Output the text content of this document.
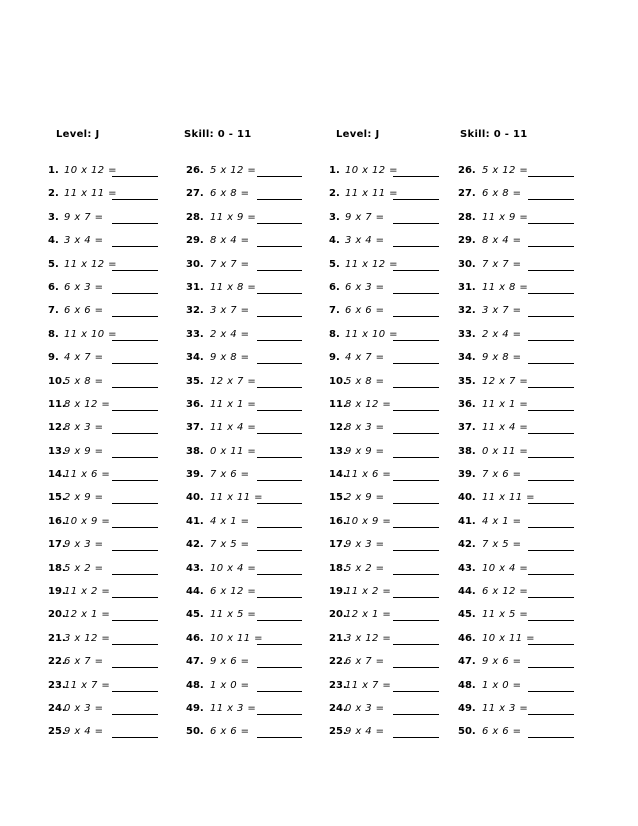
Level: J	Skill: 0 - 11	Level: J	Skill: 0 - 11
1. 10 x 12 =
2. 11 x 11 =
3. 9 x 7 =
4. 3 x 4 =
5. 11 x 12 =
6. 6 x 3 =
7. 6 x 6 =
8. 11 x 10 =
9. 4 x 7 =
10.
5 x 8 =
11.
8 x 12 =
12.
8 x 3 =
13.
9 x 9 =
14.
11 x 6 =
15.
2 x 9 =
16.
10 x 9 =
17.
9 x 3 =
18.
5 x 2 =
19.
11 x 2 =
20.
12 x 1 =
21.
3 x 12 =
22.
6 x 7 =
23.
11 x 7 =
24.
0 x 3 =
25.
9 x 4 =
26. 5 x 12 =
27. 6 x 8 =
28. 11 x 9 =
29. 8 x 4 =
30. 7 x 7 =
31. 11 x 8 =
32. 3 x 7 =
33. 2 x 4 =
34. 9 x 8 =
35. 12 x 7 =
36. 11 x 1 =
37. 11 x 4 =
38. 0 x 11 =
39. 7 x 6 =
40. 11 x 11 =
41. 4 x 1 =
42. 7 x 5 =
43. 10 x 4 =
44. 6 x 12 =
45. 11 x 5 =
46. 10 x 11 =
47. 9 x 6 =
48. 1 x 0 =
49. 11 x 3 =
50. 6 x 6 =
1. 10 x 12 =
2. 11 x 11 =
3. 9 x 7 =
4. 3 x 4 =
5. 11 x 12 =
6. 6 x 3 =
7. 6 x 6 =
8. 11 x 10 =
9. 4 x 7 =
10.
5 x 8 =
11.
8 x 12 =
12.
8 x 3 =
13.
9 x 9 =
14.
11 x 6 =
15.
2 x 9 =
16.
10 x 9 =
17.
9 x 3 =
18.
5 x 2 =
19.
11 x 2 =
20.
12 x 1 =
21.
3 x 12 =
22.
6 x 7 =
23.
11 x 7 =
24.
0 x 3 =
25.
9 x 4 =
26. 5 x 12 =
27. 6 x 8 =
28. 11 x 9 =
29. 8 x 4 =
30. 7 x 7 =
31. 11 x 8 =
32. 3 x 7 =
33. 2 x 4 =
34. 9 x 8 =
35. 12 x 7 =
36. 11 x 1 =
37. 11 x 4 =
38. 0 x 11 =
39. 7 x 6 =
40. 11 x 11 =
41. 4 x 1 =
42. 7 x 5 =
43. 10 x 4 =
44. 6 x 12 =
45. 11 x 5 =
46. 10 x 11 =
47. 9 x 6 =
48. 1 x 0 =
49. 11 x 3 =
50. 6 x 6 =
